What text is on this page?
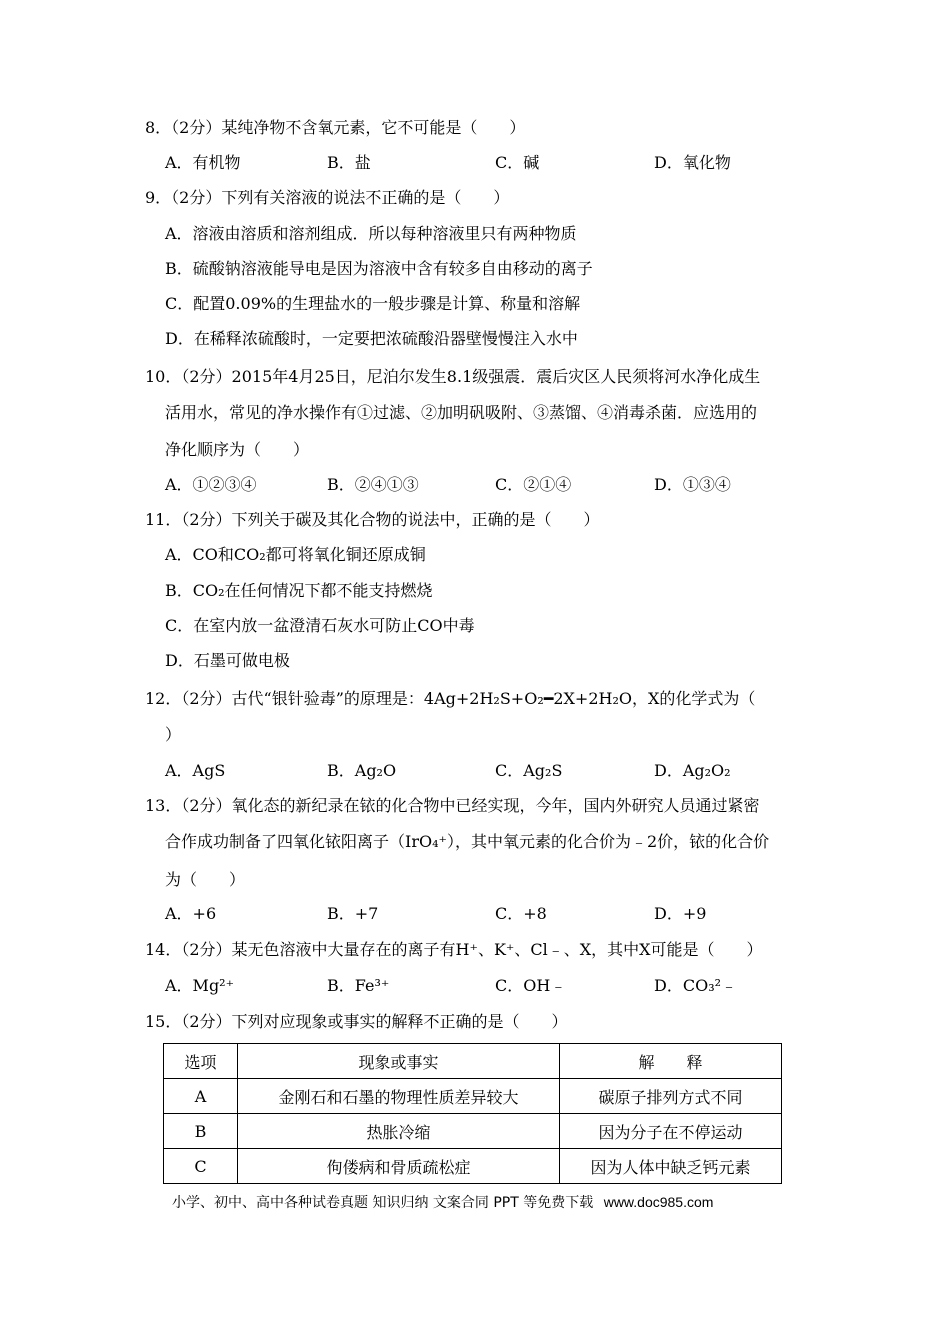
8．（2分）某纯净物不含氧元素，它不可能是（　　）
A．有机物	B．盐	C．碱	D．氧化物
9．（2分）下列有关溶液的说法不正确的是（　　）
A．溶液由溶质和溶剂组成．所以每种溶液里只有两种物质
B．硫酸钠溶液能导电是因为溶液中含有较多自由移动的离子
C．配置0.09%的生理盐水的一般步骤是计算、称量和溶解
D．在稀释浓硫酸时，一定要把浓硫酸沿器壁慢慢注入水中
10．（2分）2015年4月25日，尼泊尔发生8.1级强震．震后灾区人民须将河水净化成生
活用水，常见的净水操作有①过滤、②加明矾吸附、③蒸馏、④消毒杀菌．应选用的
净化顺序为（　　）
A．①②③④	B．②④①③	C．②①④	D．①③④
11．（2分）下列关于碳及其化合物的说法中，正确的是（　　）
A．CO和CO₂都可将氧化铜还原成铜
B．CO₂在任何情况下都不能支持燃烧
C．在室内放一盆澄清石灰水可防止CO中毒
D．石墨可做电极
12．（2分）古代“银针验毒”的原理是：4Ag+2H₂S+O₂━2X+2H₂O，X的化学式为（
）
A．AgS	B．Ag₂O	C．Ag₂S	D．Ag₂O₂
13．（2分）氧化态的新纪录在铱的化合物中已经实现，今年，国内外研究人员通过紧密
合作成功制备了四氧化铱阳离子（IrO₄⁺），其中氧元素的化合价为﹣2价，铱的化合价
为（　　）
A．+6	B．+7	C．+8	D．+9
14．（2分）某无色溶液中大量存在的离子有H⁺、K⁺、Cl﹣、X，其中X可能是（　　）
A．Mg²⁺	B．Fe³⁺	C．OH﹣	D．CO₃²﹣
15．（2分）下列对应现象或事实的解释不正确的是（　　）
选项	现象或事实	解　　释
A	金刚石和石墨的物理性质差异较大	碳原子排列方式不同
B	热胀冷缩	因为分子在不停运动
C	佝偻病和骨质疏松症	因为人体中缺乏钙元素
小学、初中、高中各种试卷真题 知识归纳 文案合同 PPT 等免费下载 www.doc985.com
